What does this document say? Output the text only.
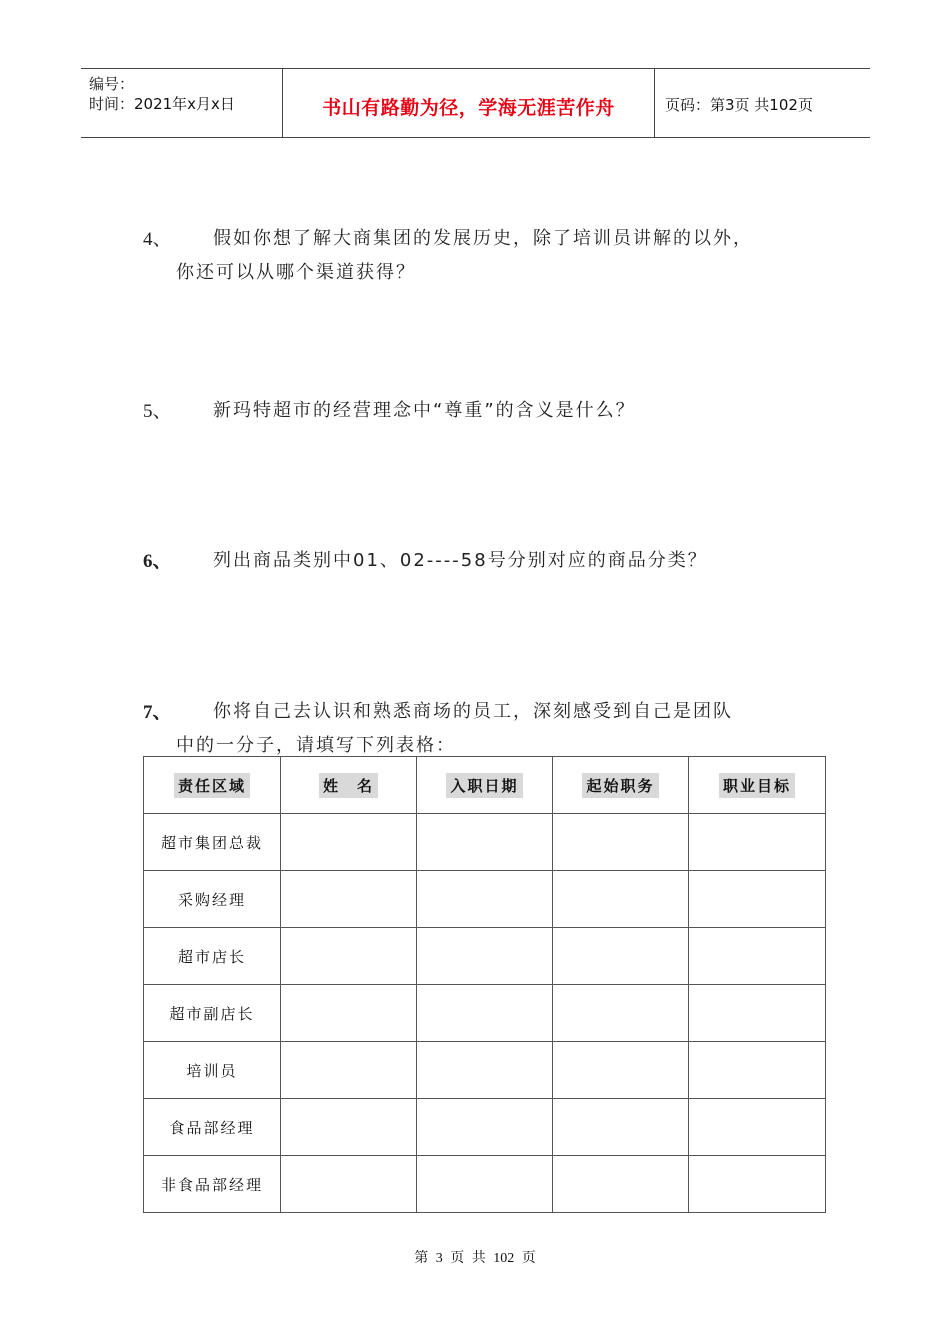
编号：
时间：2021年x月x日	书山有路勤为径，学海无涯苦作舟	页码：第3页 共102页
4、 假如你想了解大商集团的发展历史，除了培训员讲解的以外，
你还可以从哪个渠道获得？
5、 新玛特超市的经营理念中“尊重”的含义是什么？
6、 列出商品类别中01、02----58号分别对应的商品分类？
7、 你将自己去认识和熟悉商场的员工，深刻感受到自己是团队
中的一分子，请填写下列表格：
责任区域	姓　名	入职日期	起始职务	职业目标
超市集团总裁				
采购经理				
超市店长				
超市副店长				
培训员				
食品部经理				
非食品部经理				
第 3 页 共 102 页
